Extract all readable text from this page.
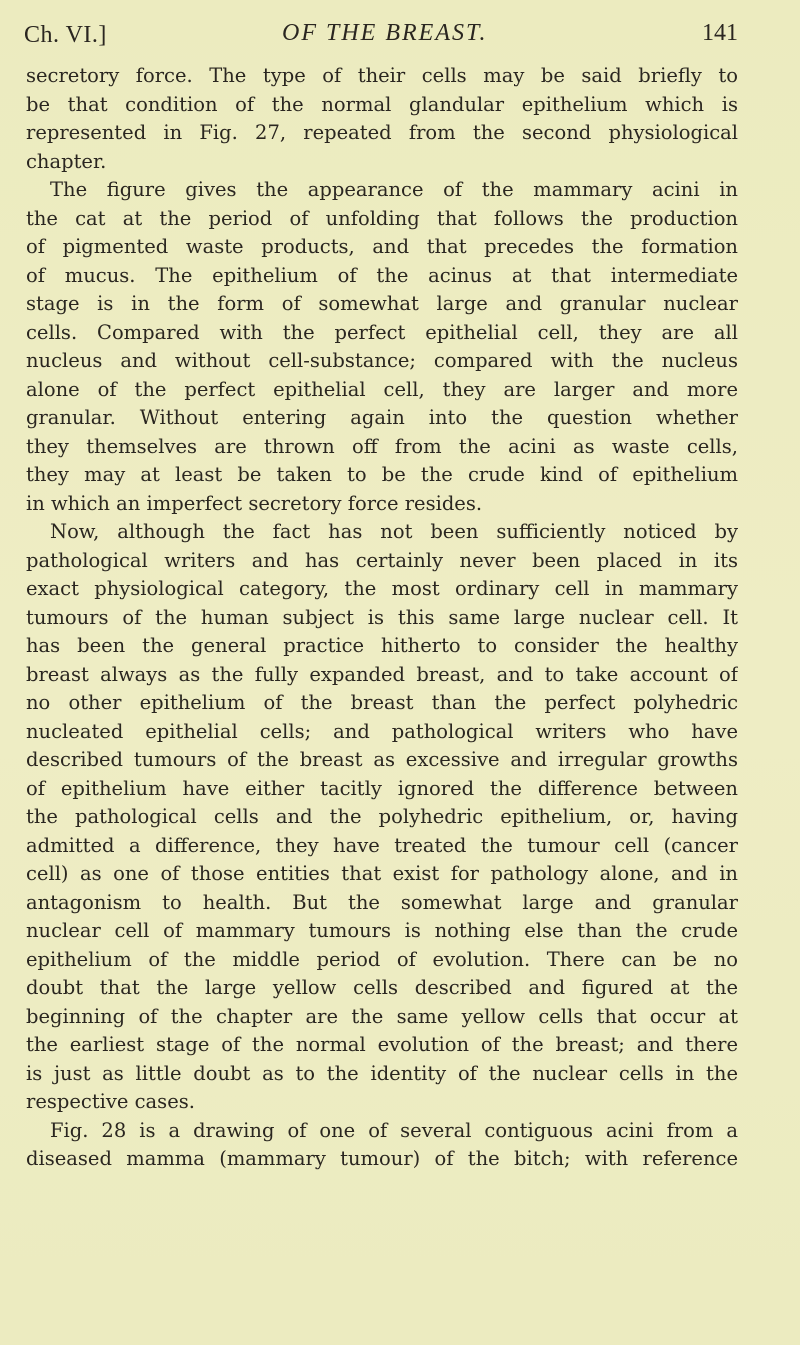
Ch. VI.]	OF THE BREAST.	141
secretory force. The type of their cells may be said briefly to
be that condition of the normal glandular epithelium which is
represented in Fig. 27, repeated from the second physiological
chapter.
The figure gives the appearance of the mammary acini in
the cat at the period of unfolding that follows the production
of pigmented waste products, and that precedes the formation
of mucus. The epithelium of the acinus at that intermediate
stage is in the form of somewhat large and granular nuclear
cells. Compared with the perfect epithelial cell, they are all
nucleus and without cell-substance; compared with the nucleus
alone of the perfect epithelial cell, they are larger and more
granular. Without entering again into the question whether
they themselves are thrown off from the acini as waste cells,
they may at least be taken to be the crude kind of epithelium
in which an imperfect secretory force resides.
Now, although the fact has not been sufficiently noticed by
pathological writers and has certainly never been placed in its
exact physiological category, the most ordinary cell in mammary
tumours of the human subject is this same large nuclear cell. It
has been the general practice hitherto to consider the healthy
breast always as the fully expanded breast, and to take account of
no other epithelium of the breast than the perfect polyhedric
nucleated epithelial cells; and pathological writers who have
described tumours of the breast as excessive and irregular growths
of epithelium have either tacitly ignored the difference between
the pathological cells and the polyhedric epithelium, or, having
admitted a difference, they have treated the tumour cell (cancer
cell) as one of those entities that exist for pathology alone, and in
antagonism to health. But the somewhat large and granular
nuclear cell of mammary tumours is nothing else than the crude
epithelium of the middle period of evolution. There can be no
doubt that the large yellow cells described and figured at the
beginning of the chapter are the same yellow cells that occur at
the earliest stage of the normal evolution of the breast; and there
is just as little doubt as to the identity of the nuclear cells in the
respective cases.
Fig. 28 is a drawing of one of several contiguous acini from a
diseased mamma (mammary tumour) of the bitch; with reference
